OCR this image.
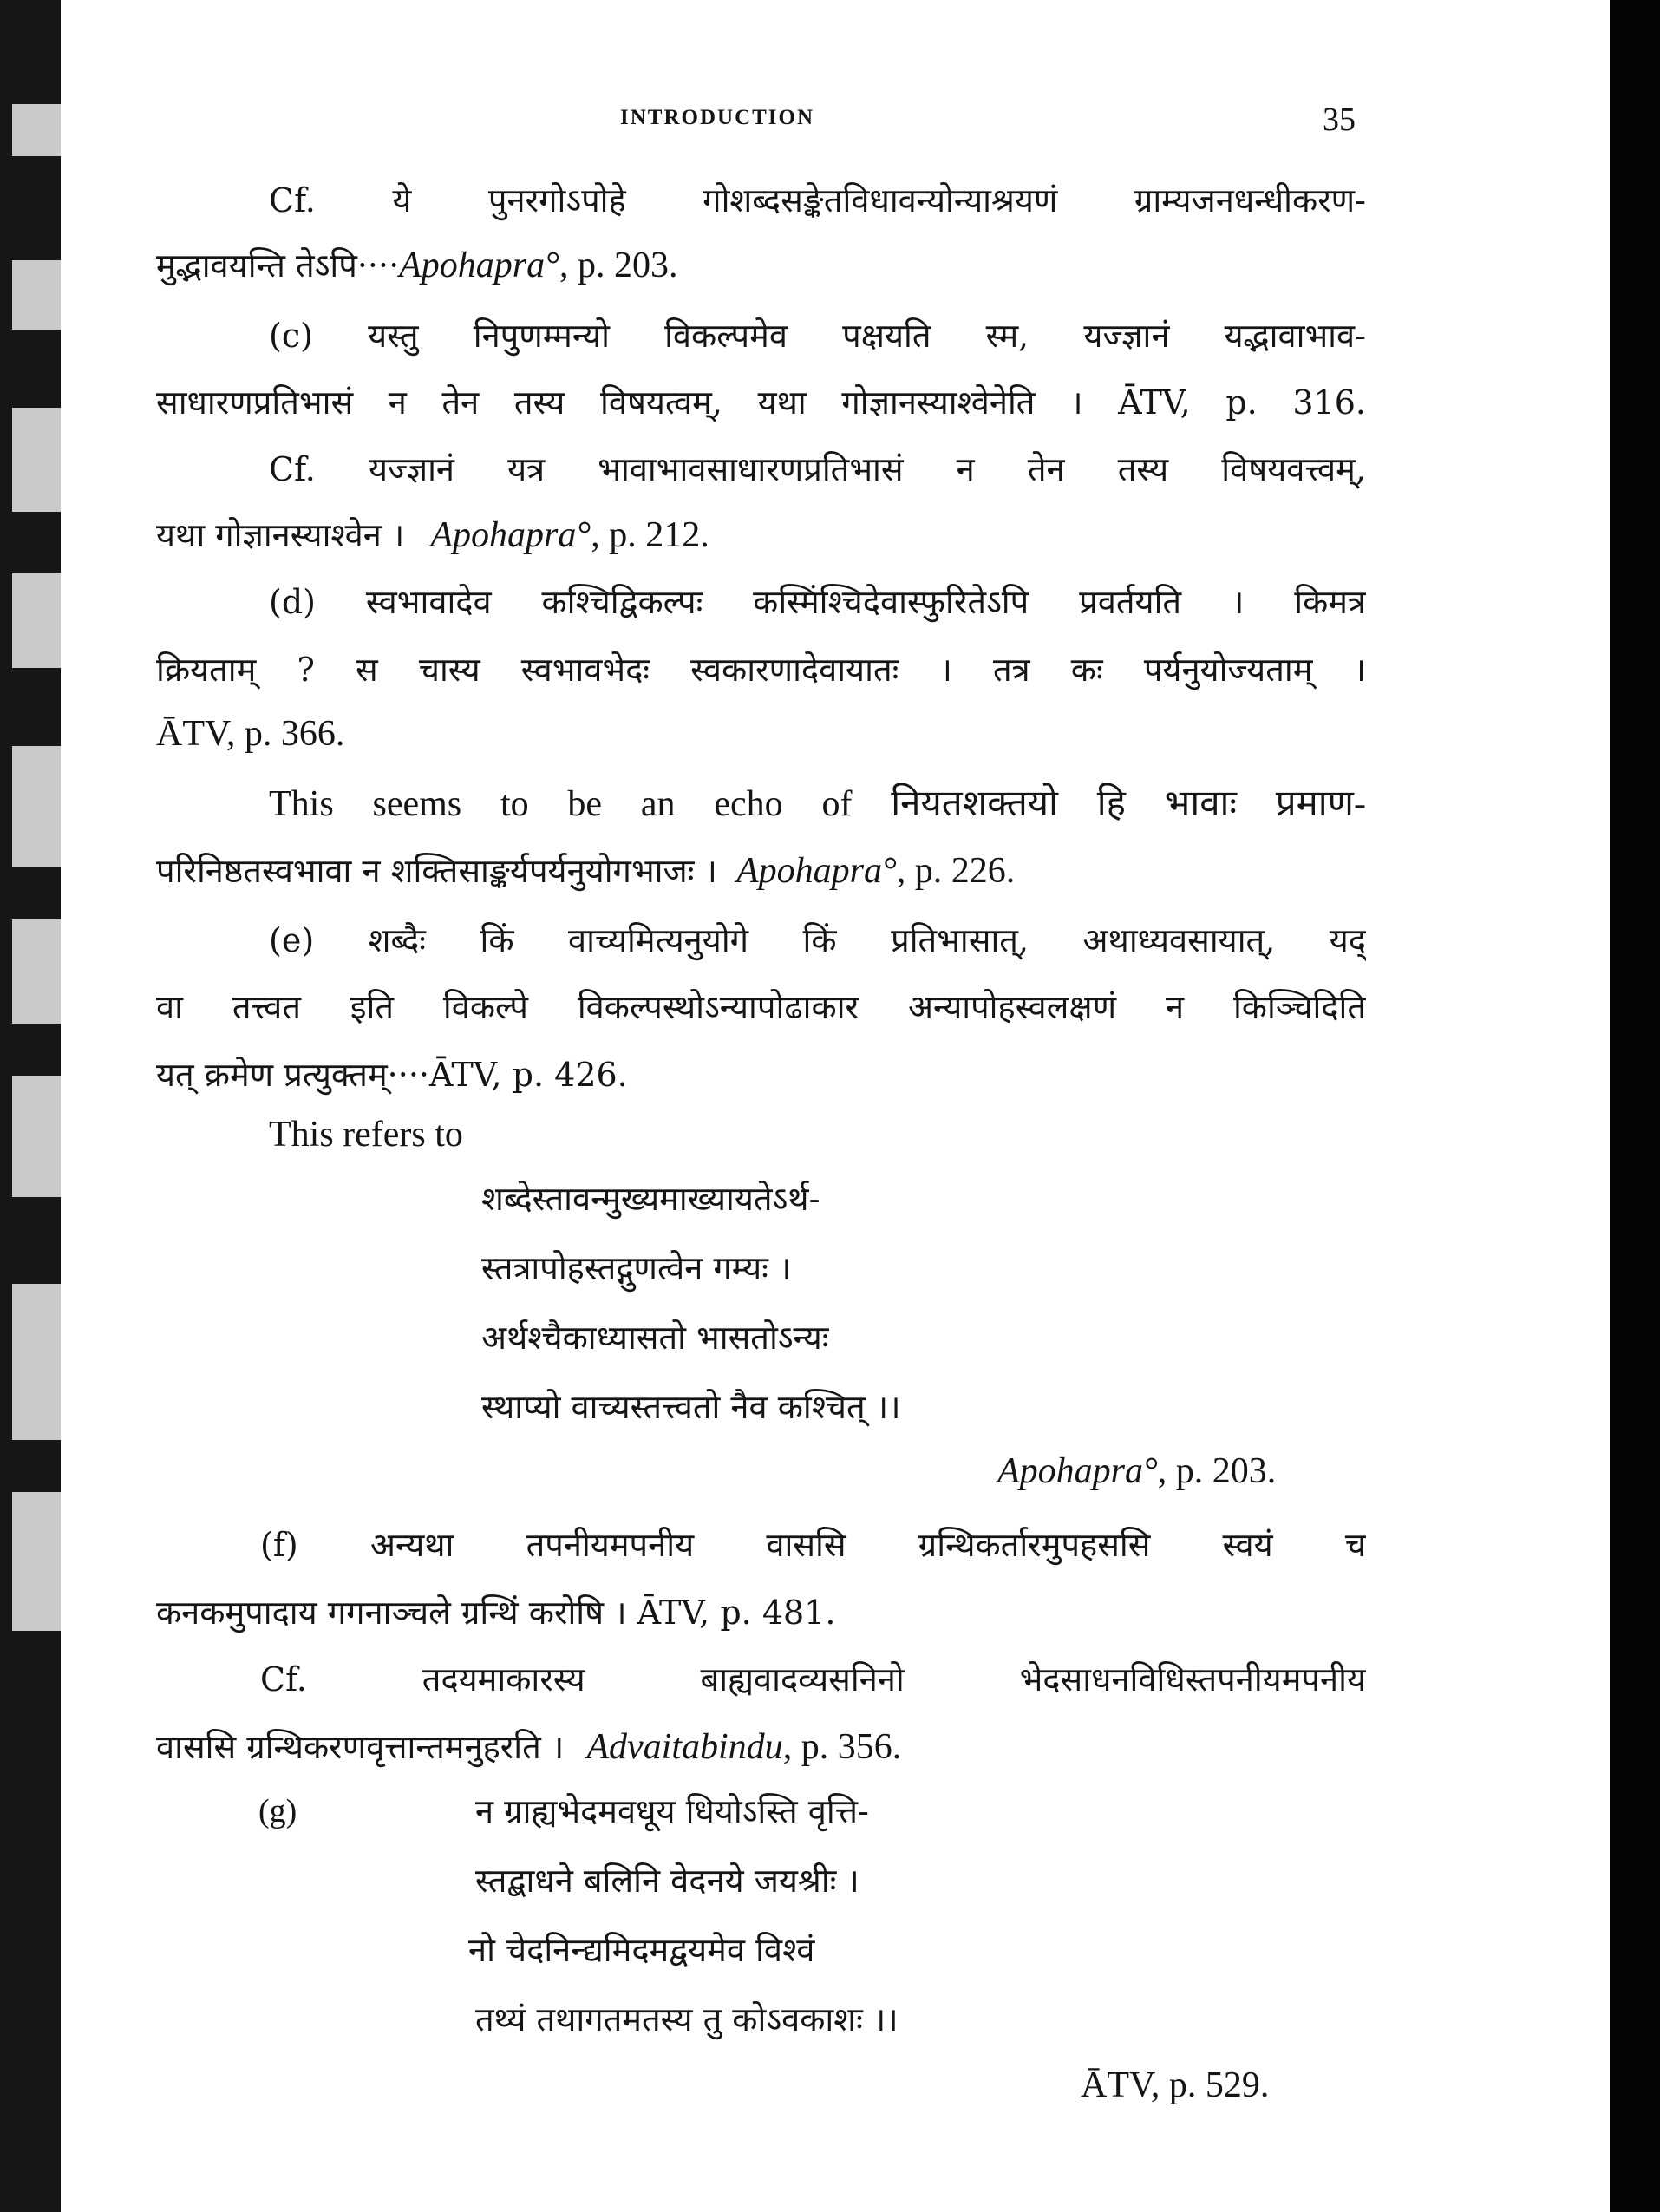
INTRODUCTION	35
Cf. ये पुनरगोऽपोहे गोशब्दसङ्केतविधावन्योन्याश्रयणं ग्राम्यजनधन्धीकरण-
मुद्भावयन्ति तेऽपि····Apohapra°, p. 203.
(c) यस्तु निपुणम्मन्यो विकल्पमेव पक्षयति स्म, यज्ज्ञानं यद्भावाभाव-
साधारणप्रतिभासं न तेन तस्य विषयत्वम्, यथा गोज्ञानस्याश्वेनेति । ĀTV, p. 316.
Cf. यज्ज्ञानं यत्र भावाभावसाधारणप्रतिभासं न तेन तस्य विषयवत्त्वम्,
यथा गोज्ञानस्याश्वेन । Apohapra°, p. 212.
(d) स्वभावादेव कश्चिद्विकल्पः कस्मिंश्चिदेवास्फुरितेऽपि प्रवर्तयति । किमत्र
क्रियताम् ? स चास्य स्वभावभेदः स्वकारणादेवायातः । तत्र कः पर्यनुयोज्यताम् ।
ĀTV, p. 366.
This seems to be an echo of नियतशक्तयो हि भावाः प्रमाण-
परिनिष्ठतस्वभावा न शक्तिसाङ्कर्यपर्यनुयोगभाजः । Apohapra°, p. 226.
(e) शब्दैः किं वाच्यमित्यनुयोगे किं प्रतिभासात्, अथाध्यवसायात्, यद्
वा तत्त्वत इति विकल्पे विकल्पस्थोऽन्यापोढाकार अन्यापोहस्वलक्षणं न किञ्चिदिति
यत् क्रमेण प्रत्युक्तम्····ĀTV, p. 426.
This refers to
शब्देस्तावन्मुख्यमाख्यायतेऽर्थ-
स्तत्रापोहस्तद्गुणत्वेन गम्यः ।
अर्थश्चैकाध्यासतो भासतोऽन्यः
स्थाप्यो वाच्यस्तत्त्वतो नैव कश्चित् ।।
Apohapra°, p. 203.
(f) अन्यथा तपनीयमपनीय वाससि ग्रन्थिकर्तारमुपहससि स्वयं च
कनकमुपादाय गगनाञ्चले ग्रन्थिं करोषि । ĀTV, p. 481.
Cf. तदयमाकारस्य बाह्यवादव्यसनिनो भेदसाधनविधिस्तपनीयमपनीय
वाससि ग्रन्थिकरणवृत्तान्तमनुहरति । Advaitabindu, p. 356.
(g)	न ग्राह्यभेदमवधूय धियोऽस्ति वृत्ति-
स्तद्बाधने बलिनि वेदनये जयश्रीः ।
नो चेदनिन्द्यमिदमद्वयमेव विश्वं
तथ्यं तथागतमतस्य तु कोऽवकाशः ।।
ĀTV, p. 529.
